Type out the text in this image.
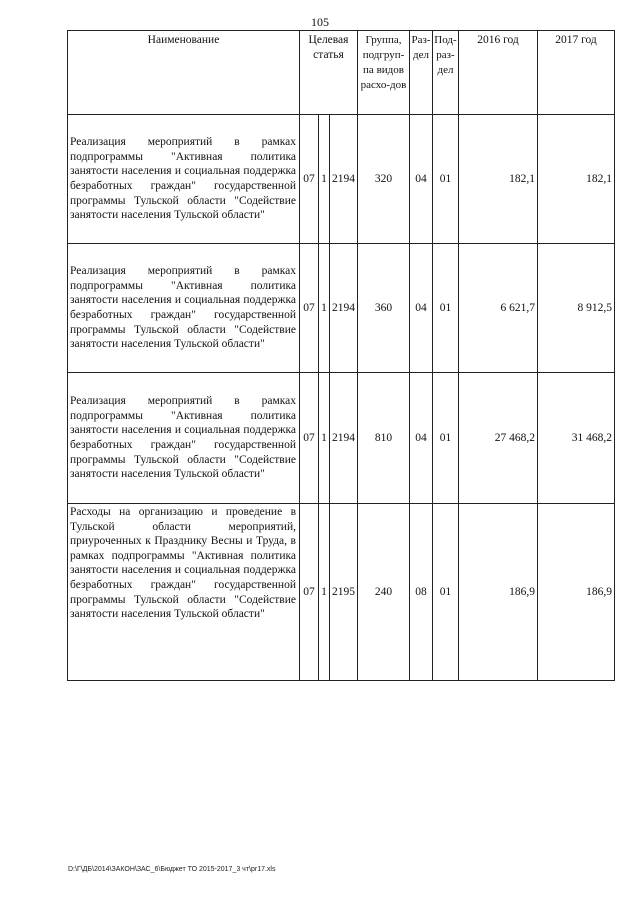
105
Наименование	Целевая статья			Группа, подгруп-па видов расхо-дов	Раз-дел	Под-раз-дел	2016 год	2017 год
Реализация мероприятий в рамках подпрограммы "Активная политика занятости населения и социальная поддержка безработных граждан" государственной программы Тульской области "Содействие занятости населения Тульской области"	07	1	2194	320	04	01	182,1	182,1
Реализация мероприятий в рамках подпрограммы "Активная политика занятости населения и социальная поддержка безработных граждан" государственной программы Тульской области "Содействие занятости населения Тульской области"	07	1	2194	360	04	01	6 621,7	8 912,5
Реализация мероприятий в рамках подпрограммы "Активная политика занятости населения и социальная поддержка безработных граждан" государственной программы Тульской области "Содействие занятости населения Тульской области"	07	1	2194	810	04	01	27 468,2	31 468,2
Расходы на организацию и проведение в Тульской области мероприятий, приуроченных к Празднику Весны и Труда, в рамках подпрограммы "Активная политика занятости населения и социальная поддержка безработных граждан" государственной программы Тульской области "Содействие занятости населения Тульской области"	07	1	2195	240	08	01	186,9	186,9
D:\Г\ДБ\2014\ЗАКОН\ЗАС_6\Бюджет ТО 2015-2017_3 чт\pr17.xls
